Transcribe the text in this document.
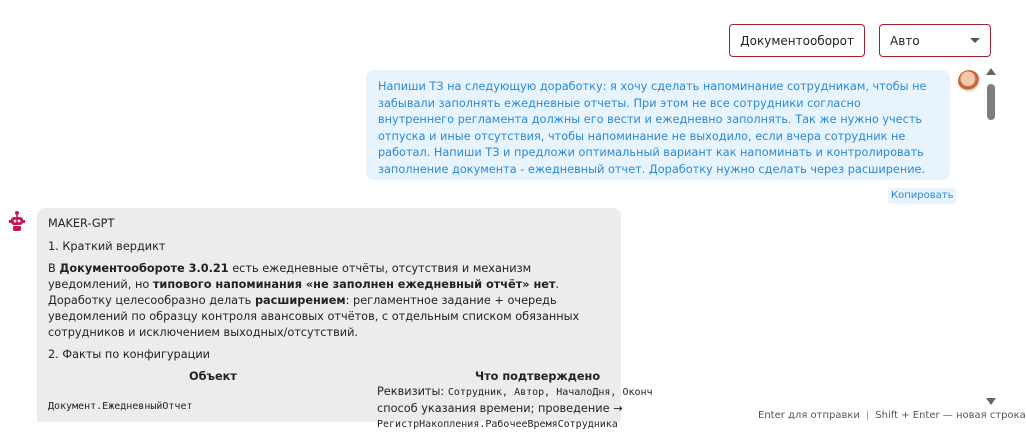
Документооборот	Авто
Напиши ТЗ на следующую доработку: я хочу сделать напоминание сотрудникам, чтобы не забывали заполнять ежедневные отчеты. При этом не все сотрудники согласно внутреннего регламента должны его вести и ежедневно заполнять. Так же нужно учесть отпуска и иные отсутствия, чтобы напоминание не выходило, если вчера сотрудник не работал. Напиши ТЗ и предложи оптимальный вариант как напоминать и контролировать заполнение документа - ежедневный отчет. Доработку нужно сделать через расширение.
Копировать
MAKER-GPT

1. Краткий вердикт

В Документообороте 3.0.21 есть ежедневные отчёты, отсутствия и механизм уведомлений, но типового напоминания «не заполнен ежедневный отчёт» нет. Доработку целесообразно делать расширением: регламентное задание + очередь уведомлений по образцу контроля авансовых отчётов, с отдельным списком обязанных сотрудников и исключением выходных/отсутствий.

2. Факты по конфигурации

Объект	Что подтверждено
Документ.ЕжедневныйОтчет
Реквизиты: Сотрудник, Автор, НачалоДня, Оконч
способ указания времени; проведение →
РегистрНакопления.РабочееВремяСотрудника
Enter для отправки | Shift + Enter — новая строка
